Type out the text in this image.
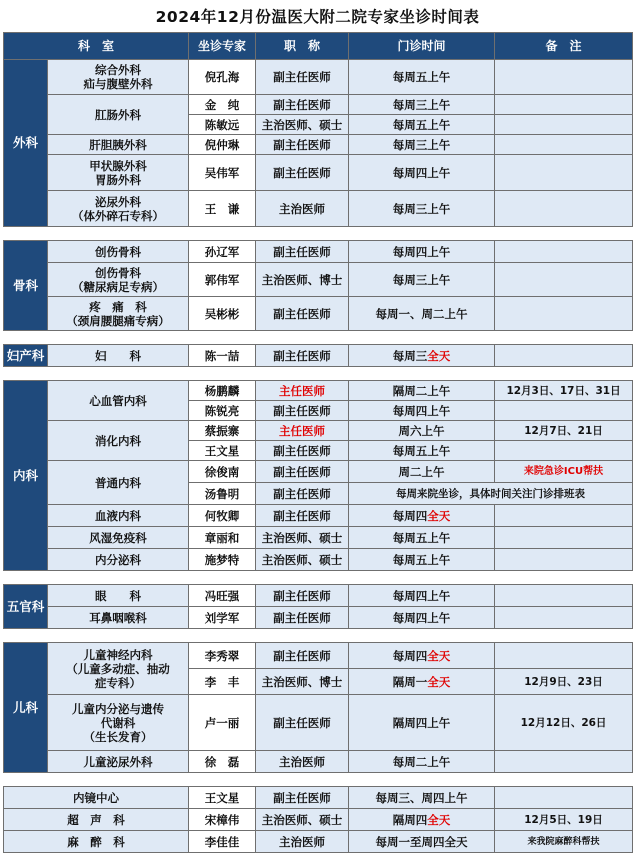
2024年12月份温医大附二院专家坐诊时间表
科　室		坐诊专家	职　称	门诊时间	备　注
外科	综合外科
疝与腹壁外科	倪孔海	副主任医师	每周五上午	
	肛肠外科	金　纯	副主任医师	每周三上午	
		陈敏远	主治医师、硕士	每周五上午	
	肝胆胰外科	倪仲琳	副主任医师	每周三上午	
	甲状腺外科
胃肠外科	吴伟军	副主任医师	每周四上午	
	泌尿外科
（体外碎石专科）	王　谦	主治医师	每周三上午	

骨科	创伤骨科	孙辽军	副主任医师	每周四上午	
	创伤骨科
（糖尿病足专病）	郭伟军	主治医师、博士	每周三上午	
	疼　痛　科
（颈肩腰腿痛专病）	吴彬彬	副主任医师	每周一、周二上午	

妇产科	妇　　科	陈一喆	副主任医师	每周三全天	

内科	心血管内科	杨鹏麟	主任医师	隔周二上午	12月3日、17日、31日
		陈锐亮	副主任医师	每周四上午	
	消化内科	蔡振寨	主任医师	周六上午	12月7日、21日
		王文星	副主任医师	每周五上午	
	普通内科	徐俊南	副主任医师	周二上午	来院急诊ICU帮扶
		汤鲁明	副主任医师	每周来院坐诊，具体时间关注门诊排班表	
	血液内科	何牧卿	副主任医师	每周四全天	
	风湿免疫科	章丽和	主治医师、硕士	每周五上午	
	内分泌科	施梦特	主治医师、硕士	每周五上午	

五官科	眼　　科	冯旺强	副主任医师	每周四上午	
	耳鼻咽喉科	刘学军	副主任医师	每周四上午	

儿科	儿童神经内科
（儿童多动症、抽动
症专科）	李秀翠	副主任医师	每周四全天	
		李　丰	主治医师、博士	隔周一全天	12月9日、23日
	儿童内分泌与遗传
代谢科
（生长发育）	卢一丽	副主任医师	隔周四上午	12月12日、26日
	儿童泌尿外科	徐　磊	主治医师	每周二上午	

内镜中心		王文星	副主任医师	每周三、周四上午	
超　声　科		宋樟伟	主治医师、硕士	隔周四全天	12月5日、19日
麻　醉　科		李佳佳	主治医师	每周一至周四全天	来我院麻醉科帮扶
